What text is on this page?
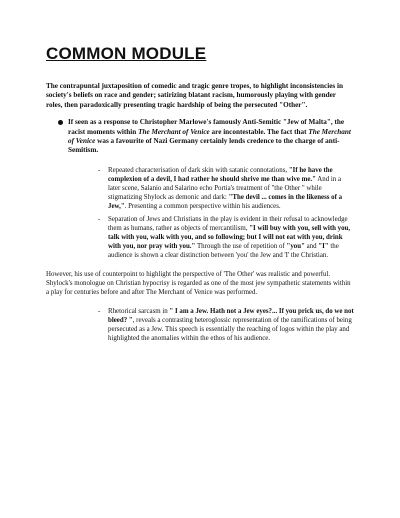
COMMON MODULE

The contrapuntal juxtaposition of comedic and tragic genre tropes, to highlight inconsistencies in society's beliefs on race and gender; satirizing blatant racism, humorously playing with gender roles, then paradoxically presenting tragic hardship of being the persecuted "Other".

If seen as a response to Christopher Marlowe's famously Anti-Semitic "Jew of Malta", the racist moments within The Merchant of Venice are incontestable. The fact that The Merchant of Venice was a favourite of Nazi Germany certainly lends credence to the charge of anti-Semitism.

- Repeated characterisation of dark skin with satanic connotations, "If he have the complexion of a devil, I had rather he should shrive me than wive me." And in a later scene, Salanio and Salarino echo Portia's treatment of "the Other " while stigmatizing Shylock as demonic and dark: "The devil ... comes in the likeness of a Jew,". Presenting a common perspective within his audiences.

- Separation of Jews and Christians in the play is evident in their refusal to acknowledge them as humans, rather as objects of mercantilism, "I will buy with you, sell with you, talk with you, walk with you, and so following; but I will not eat with you, drink with you, nor pray with you." Through the use of repetition of "you" and "I" the audience is shown a clear distinction between 'you' the Jew and 'I' the Christian.

However, his use of counterpoint to highlight the perspective of 'The Other' was realistic and powerful. Shylock's monologue on Christian hypocrisy is regarded as one of the most jew sympathetic statements within a play for centuries before and after The Merchant of Venice was performed.

- Rhetorical sarcasm in " I am a Jew. Hath not a Jew eyes?... If you prick us, do we not bleed? ", reveals a contrasting heteroglossic representation of the ramifications of being persecuted as a Jew. This speech is essentially the reaching of logos within the play and highlighted the anomalies within the ethos of his audience.
